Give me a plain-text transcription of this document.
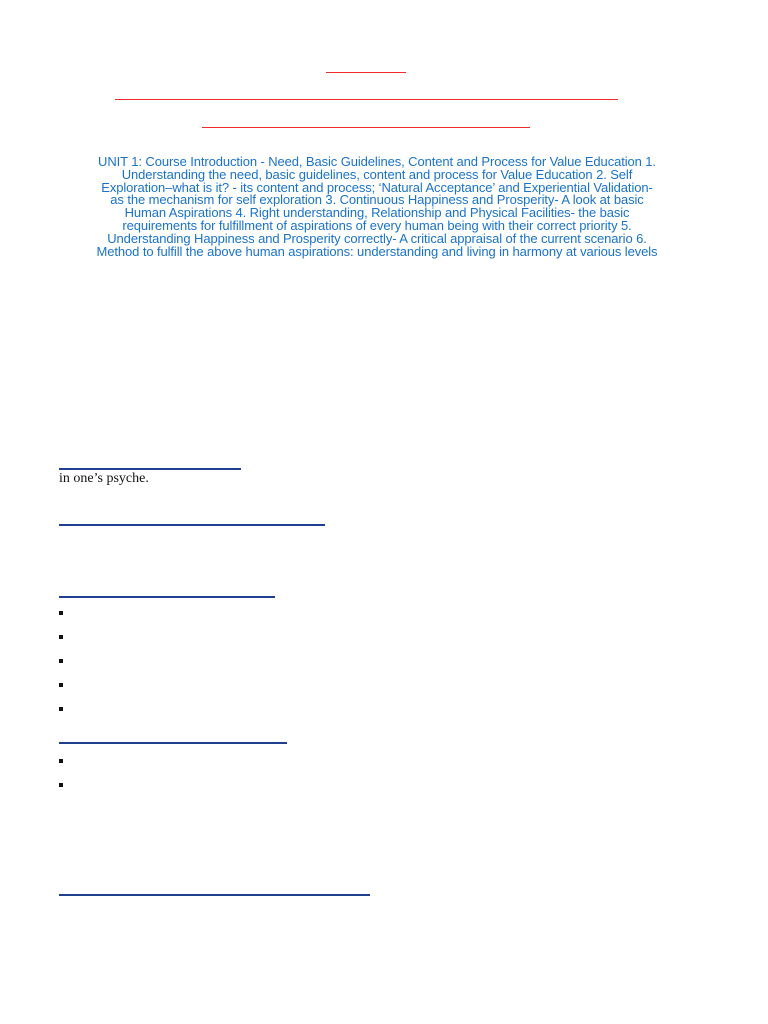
UNIT 1: Course Introduction - Need, Basic Guidelines, Content and Process for Value Education 1. Understanding the need, basic guidelines, content and process for Value Education 2. Self Exploration–what is it? - its content and process; ‘Natural Acceptance’ and Experiential Validation- as the mechanism for self exploration 3. Continuous Happiness and Prosperity- A look at basic Human Aspirations 4. Right understanding, Relationship and Physical Facilities- the basic requirements for fulfillment of aspirations of every human being with their correct priority 5. Understanding Happiness and Prosperity correctly- A critical appraisal of the current scenario 6. Method to fulfill the above human aspirations: understanding and living in harmony at various levels
in one’s psyche.
